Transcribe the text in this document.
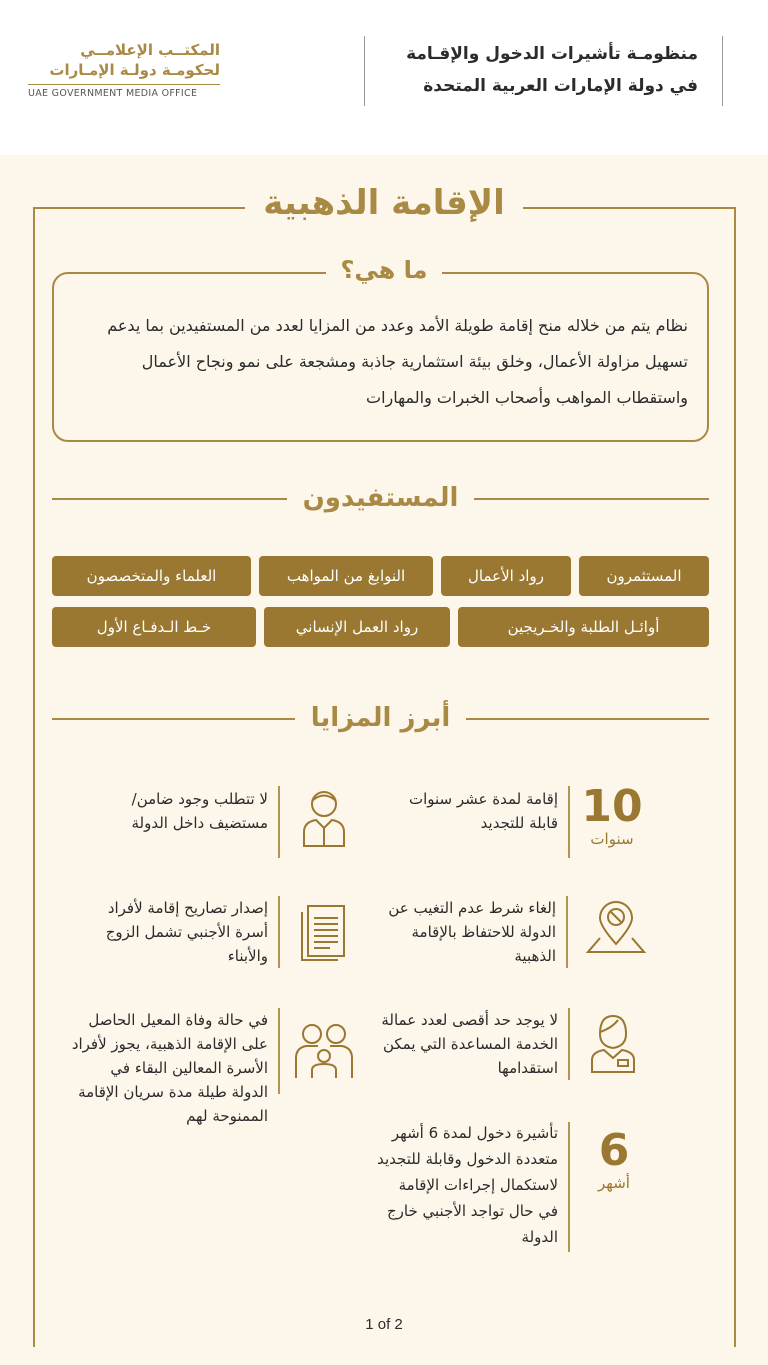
منظومـة تأشيرات الدخول والإقـامة
في دولة الإمارات العربية المتحدة
المكتــب الإعلامــي
لحكومـة دولـة الإمـارات
UAE GOVERNMENT MEDIA OFFICE
الإقامة الذهبية
ما هي؟
نظام يتم من خلاله منح إقامة طويلة الأمد وعدد من المزايا لعدد من المستفيدين بما يدعم تسهيل مزاولة الأعمال، وخلق بيئة استثمارية جاذبة ومشجعة على نمو ونجاح الأعمال واستقطاب المواهب وأصحاب الخبرات والمهارات
المستفيدون
المستثمرون
رواد الأعمال
النوابغ من المواهب
العلماء والمتخصصون
أوائـل الطلبة والخـريجين
رواد العمل الإنساني
خـط الـدفـاع الأول
أبرز المزايا
10
سنوات
إقامة لمدة عشر سنوات قابلة للتجديد
لا تتطلب وجود ضامن/ مستضيف داخل الدولة
إلغاء شرط عدم التغيب عن الدولة للاحتفاظ بالإقامة الذهبية
إصدار تصاريح إقامة لأفراد أسرة الأجنبي تشمل الزوج والأبناء
لا يوجد حد أقصى لعدد عمالة الخدمة المساعدة التي يمكن استقدامها
في حالة وفاة المعيل الحاصل على الإقامة الذهبية، يجوز لأفراد الأسرة المعالين البقاء في الدولة طيلة مدة سريان الإقامة الممنوحة لهم
6
أشهر
تأشيرة دخول لمدة 6 أشهر متعددة الدخول وقابلة للتجديد لاستكمال إجراءات الإقامة في حال تواجد الأجنبي خارج الدولة
1 of 2
